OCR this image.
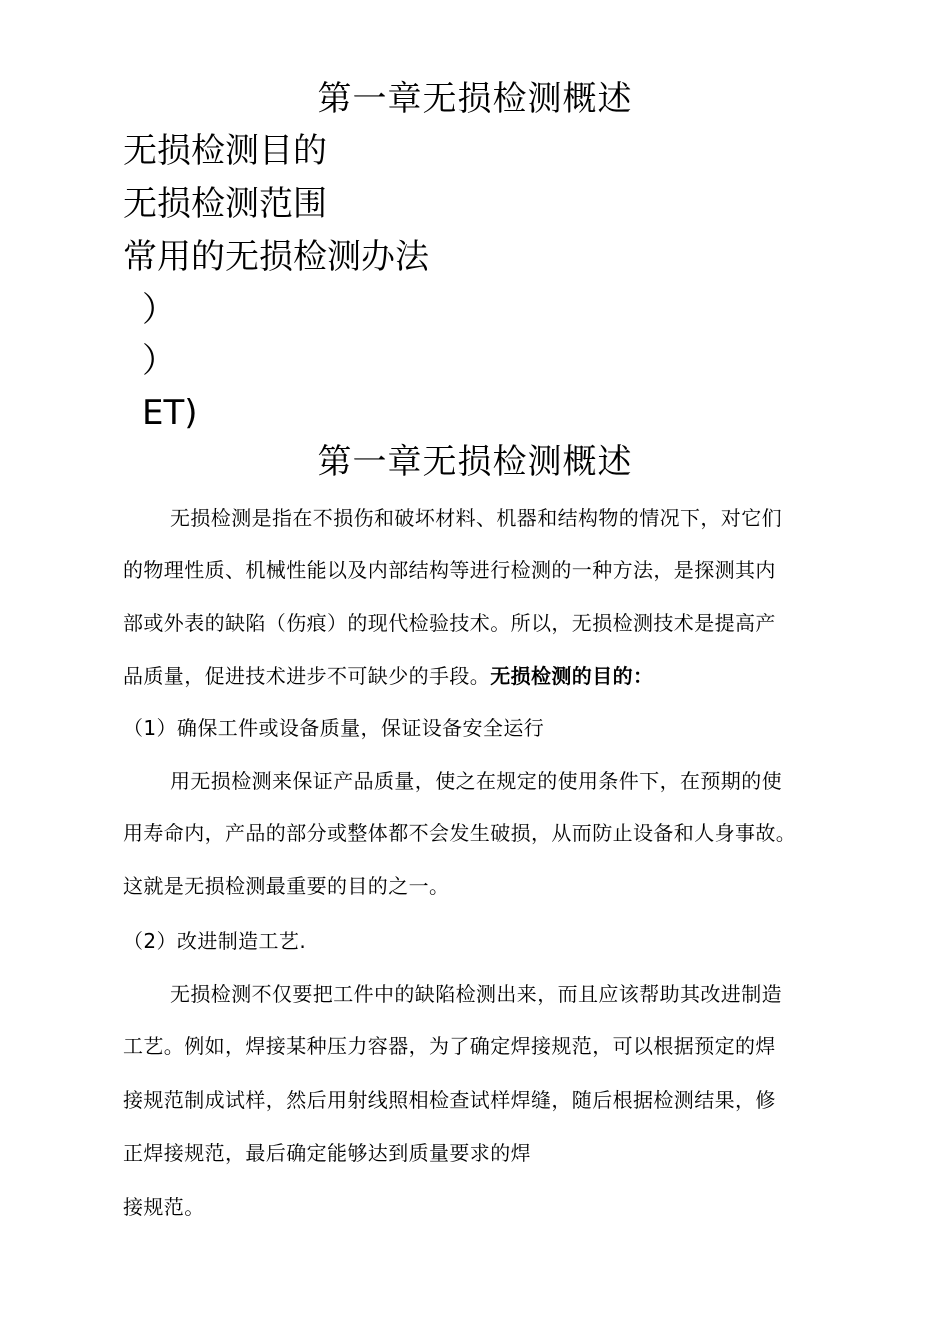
第一章无损检测概述
无损检测目的
无损检测范围
常用的无损检测办法
）
）
ET)
第一章无损检测概述
无损检测是指在不损伤和破坏材料、机器和结构物的情况下，对它们
的物理性质、机械性能以及内部结构等进行检测的一种方法，是探测其内
部或外表的缺陷（伤痕）的现代检验技术。所以，无损检测技术是提高产
品质量，促进技术进步不可缺少的手段。无损检测的目的：
（1）确保工件或设备质量，保证设备安全运行
用无损检测来保证产品质量，使之在规定的使用条件下，在预期的使
用寿命内，产品的部分或整体都不会发生破损，从而防止设备和人身事故。
这就是无损检测最重要的目的之一。
（2）改进制造工艺.
无损检测不仅要把工件中的缺陷检测出来，而且应该帮助其改进制造
工艺。例如，焊接某种压力容器，为了确定焊接规范，可以根据预定的焊
接规范制成试样，然后用射线照相检查试样焊缝，随后根据检测结果，修
正焊接规范，最后确定能够达到质量要求的焊
接规范。
